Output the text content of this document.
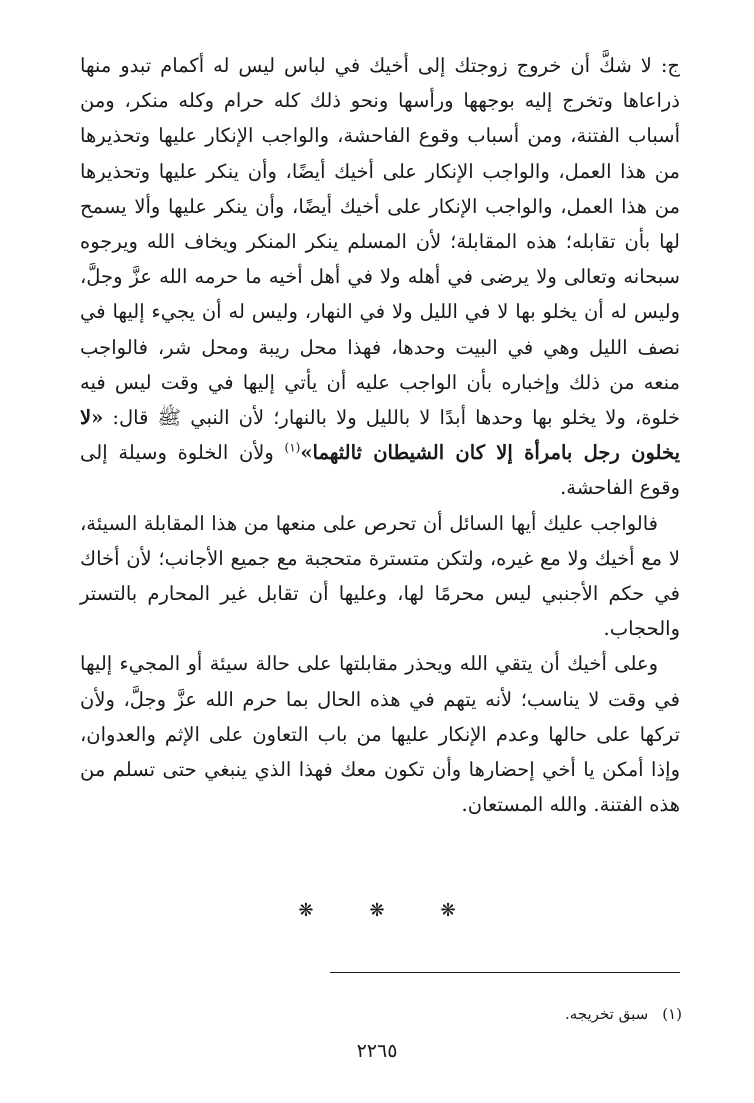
ج: لا شكَّ أن خروج زوجتك إلى أخيك في لباس ليس له أكمام تبدو منها ذراعاها وتخرج إليه بوجهها ورأسها ونحو ذلك كله حرام وكله منكر، ومن أسباب الفتنة، ومن أسباب وقوع الفاحشة، والواجب الإنكار عليها وتحذيرها من هذا العمل، والواجب الإنكار على أخيك أيضًا، وأن ينكر عليها وتحذيرها من هذا العمل، والواجب الإنكار على أخيك أيضًا، وأن ينكر عليها وألا يسمح لها بأن تقابله؛ هذه المقابلة؛ لأن المسلم ينكر المنكر ويخاف الله ويرجوه سبحانه وتعالى ولا يرضى في أهله ولا في أهل أخيه ما حرمه الله عزَّ وجلَّ، وليس له أن يخلو بها لا في الليل ولا في النهار، وليس له أن يجيء إليها في نصف الليل وهي في البيت وحدها، فهذا محل ريبة ومحل شر، فالواجب منعه من ذلك وإخباره بأن الواجب عليه أن يأتي إليها في وقت ليس فيه خلوة، ولا يخلو بها وحدها أبدًا لا بالليل ولا بالنهار؛ لأن النبي ﷺ قال: «لا يخلون رجل بامرأة إلا كان الشيطان ثالثهما»$^{(١)}$ ولأن الخلوة وسيلة إلى وقوع الفاحشة.

فالواجب عليك أيها السائل أن تحرص على منعها من هذا المقابلة السيئة، لا مع أخيك ولا مع غيره، ولتكن متسترة متحجبة مع جميع الأجانب؛ لأن أخاك في حكم الأجنبي ليس محرمًا لها، وعليها أن تقابل غير المحارم بالتستر والحجاب.

وعلى أخيك أن يتقي الله ويحذر مقابلتها على حالة سيئة أو المجيء إليها في وقت لا يناسب؛ لأنه يتهم في هذه الحال بما حرم الله عزَّ وجلَّ، ولأن تركها على حالها وعدم الإنكار عليها من باب التعاون على الإثم والعدوان، وإذا أمكن يا أخي إحضارها وأن تكون معك فهذا الذي ينبغي حتى تسلم من هذه الفتنة. والله المستعان.

❋❋❋
(١)سبق تخريجه.
٢٢٦٥
